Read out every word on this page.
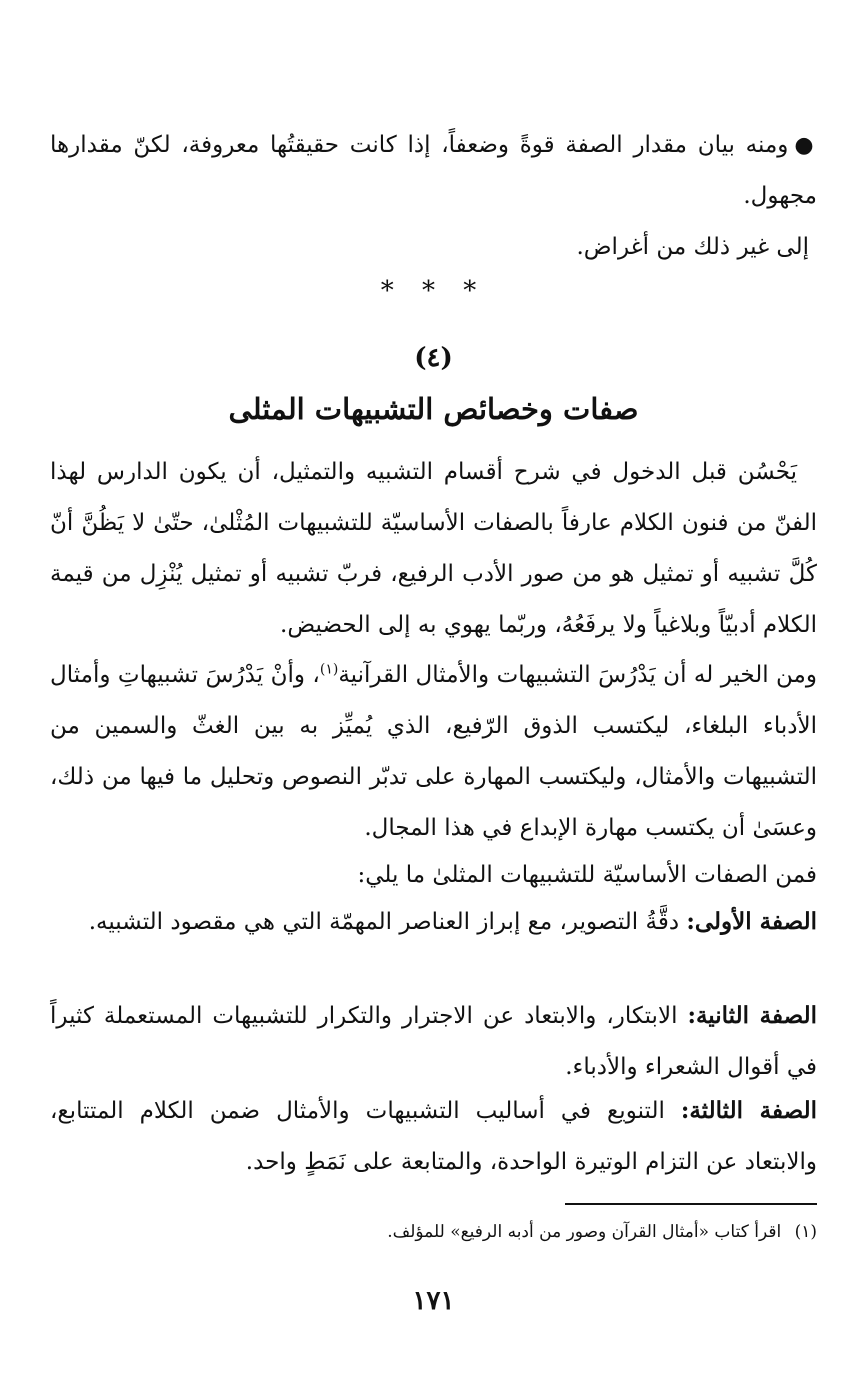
●ومنه بيان مقدار الصفة قوةً وضعفاً، إذا كانت حقيقتُها معروفة، لكنّ مقدارها مجهول.

إلى غير ذلك من أغراض.

* * *
(٤)
صفات وخصائص التشبيهات المثلى

يَحْسُن قبل الدخول في شرح أقسام التشبيه والتمثيل، أن يكون الدارس لهذا الفنّ من فنون الكلام عارفاً بالصفات الأساسيّة للتشبيهات المُثْلىٰ، حتّىٰ لا يَظُنَّ أنّ كُلَّ تشبيه أو تمثيل هو من صور الأدب الرفيع، فربّ تشبيه أو تمثيل يُنْزِل من قيمة الكلام أدبيّاً وبلاغياً ولا يرفَعُهُ، وربّما يهوي به إلى الحضيض.

ومن الخير له أن يَدْرُسَ التشبيهات والأمثال القرآنية$^{(١)}$، وأنْ يَدْرُسَ تشبيهاتِ وأمثال الأدباء البلغاء، ليكتسب الذوق الرّفيع، الذي يُميِّز به بين الغثّ والسمين من التشبيهات والأمثال، وليكتسب المهارة على تدبّر النصوص وتحليل ما فيها من ذلك، وعسَىٰ أن يكتسب مهارة الإبداع في هذا المجال.

فمن الصفات الأساسيّة للتشبيهات المثلىٰ ما يلي:

الصفة الأولى: دقَّةُ التصوير، مع إبراز العناصر المهمّة التي هي مقصود التشبيه.

الصفة الثانية: الابتكار، والابتعاد عن الاجترار والتكرار للتشبيهات المستعملة كثيراً في أقوال الشعراء والأدباء.

الصفة الثالثة: التنويع في أساليب التشبيهات والأمثال ضمن الكلام المتتابع، والابتعاد عن التزام الوتيرة الواحدة، والمتابعة على نَمَطٍ واحد.

(١) اقرأ كتاب «أمثال القرآن وصور من أدبه الرفيع» للمؤلف.
١٧١
